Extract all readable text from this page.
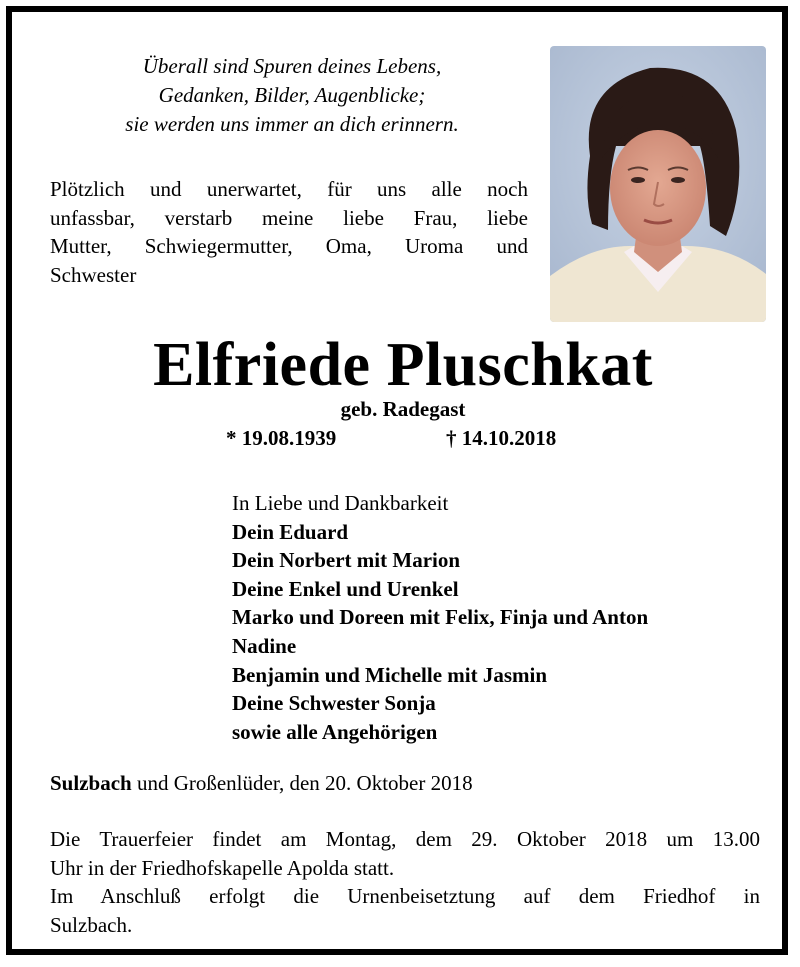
Überall sind Spuren deines Lebens,
Gedanken, Bilder, Augenblicke;
sie werden uns immer an dich erinnern.
Plötzlich und unerwartet, für uns alle noch
unfassbar, verstarb meine liebe Frau, liebe
Mutter, Schwiegermutter, Oma, Uroma und
Schwester
Elfriede Pluschkat
geb. Radegast
* 19.08.1939	† 14.10.2018
In Liebe und Dankbarkeit
Dein Eduard
Dein Norbert mit Marion
Deine Enkel und Urenkel
Marko und Doreen mit Felix, Finja und Anton
Nadine
Benjamin und Michelle mit Jasmin
Deine Schwester Sonja
sowie alle Angehörigen
Sulzbach und Großenlüder, den 20. Oktober 2018
Die Trauerfeier findet am Montag, dem 29. Oktober 2018 um 13.00
Uhr in der Friedhofskapelle Apolda statt.
Im Anschluß erfolgt die Urnenbeisetztung auf dem Friedhof in
Sulzbach.
